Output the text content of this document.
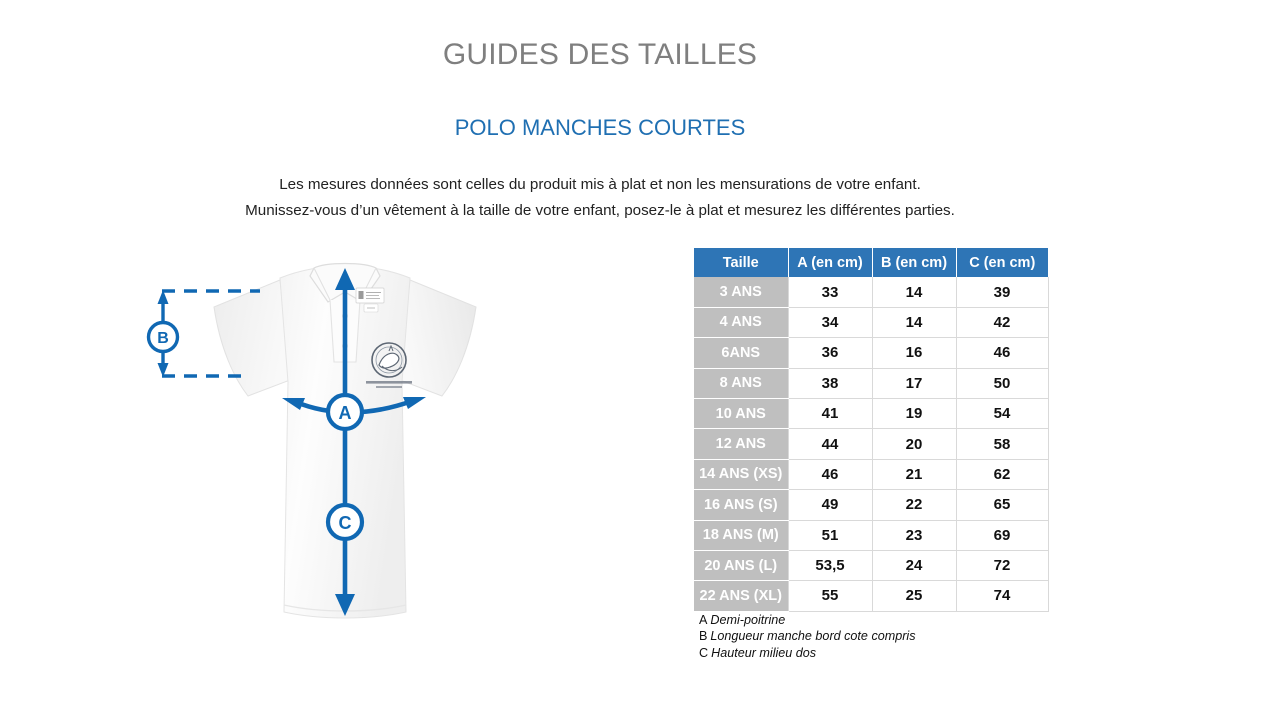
GUIDES DES TAILLES
POLO MANCHES COURTES
Les mesures données sont celles du produit mis à plat et non les mensurations de votre enfant.
Munissez-vous d’un vêtement à la taille de votre enfant, posez-le à plat et mesurez les différentes parties.
B
C
A
Taille	A (en cm)	B (en cm)	C (en cm)
3 ANS	33	14	39
4 ANS	34	14	42
6ANS	36	16	46
8 ANS	38	17	50
10 ANS	41	19	54
12 ANS	44	20	58
14 ANS (XS)	46	21	62
16 ANS (S)	49	22	65
18 ANS (M)	51	23	69
20 ANS (L)	53,5	24	72
22 ANS (XL)	55	25	74
A Demi-poitrine
B Longueur manche bord cote compris
C Hauteur milieu dos
